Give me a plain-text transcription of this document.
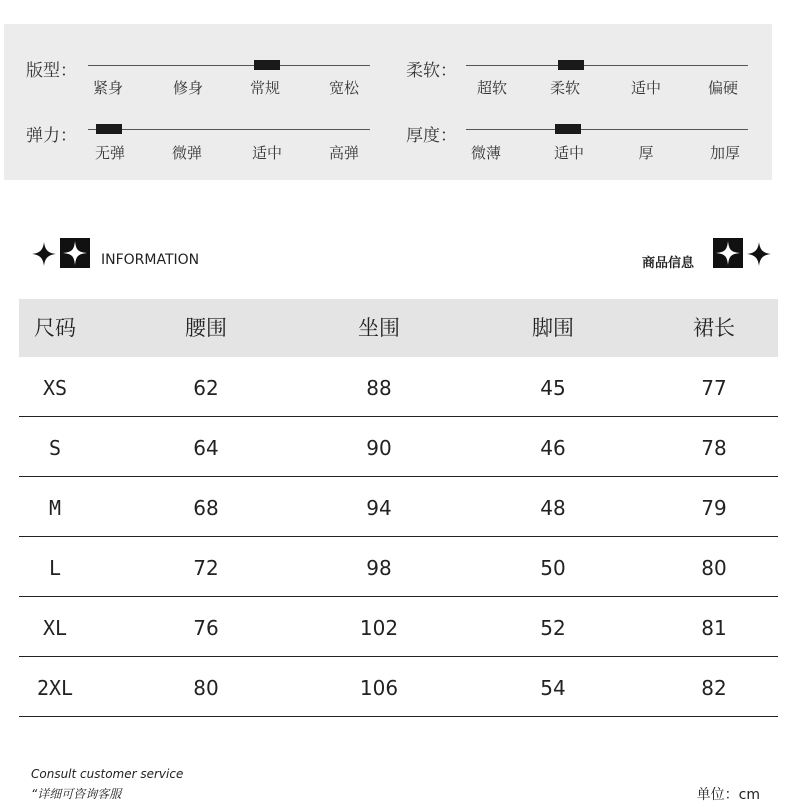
版型：
紧身	修身	常规	宽松
柔软：
超软	柔软	适中	偏硬
弹力：
无弹	微弹	适中	高弹
厚度：
微薄	适中	厚	加厚
INFORMATION	商品信息
尺码	腰围	坐围	脚围	裙长
XS	62	88	45	77
S	64	90	46	78
M	68	94	48	79
L	72	98	50	80
XL	76	102	52	81
2XL	80	106	54	82
Consult customer service
“详细可咨询客服	单位：cm
